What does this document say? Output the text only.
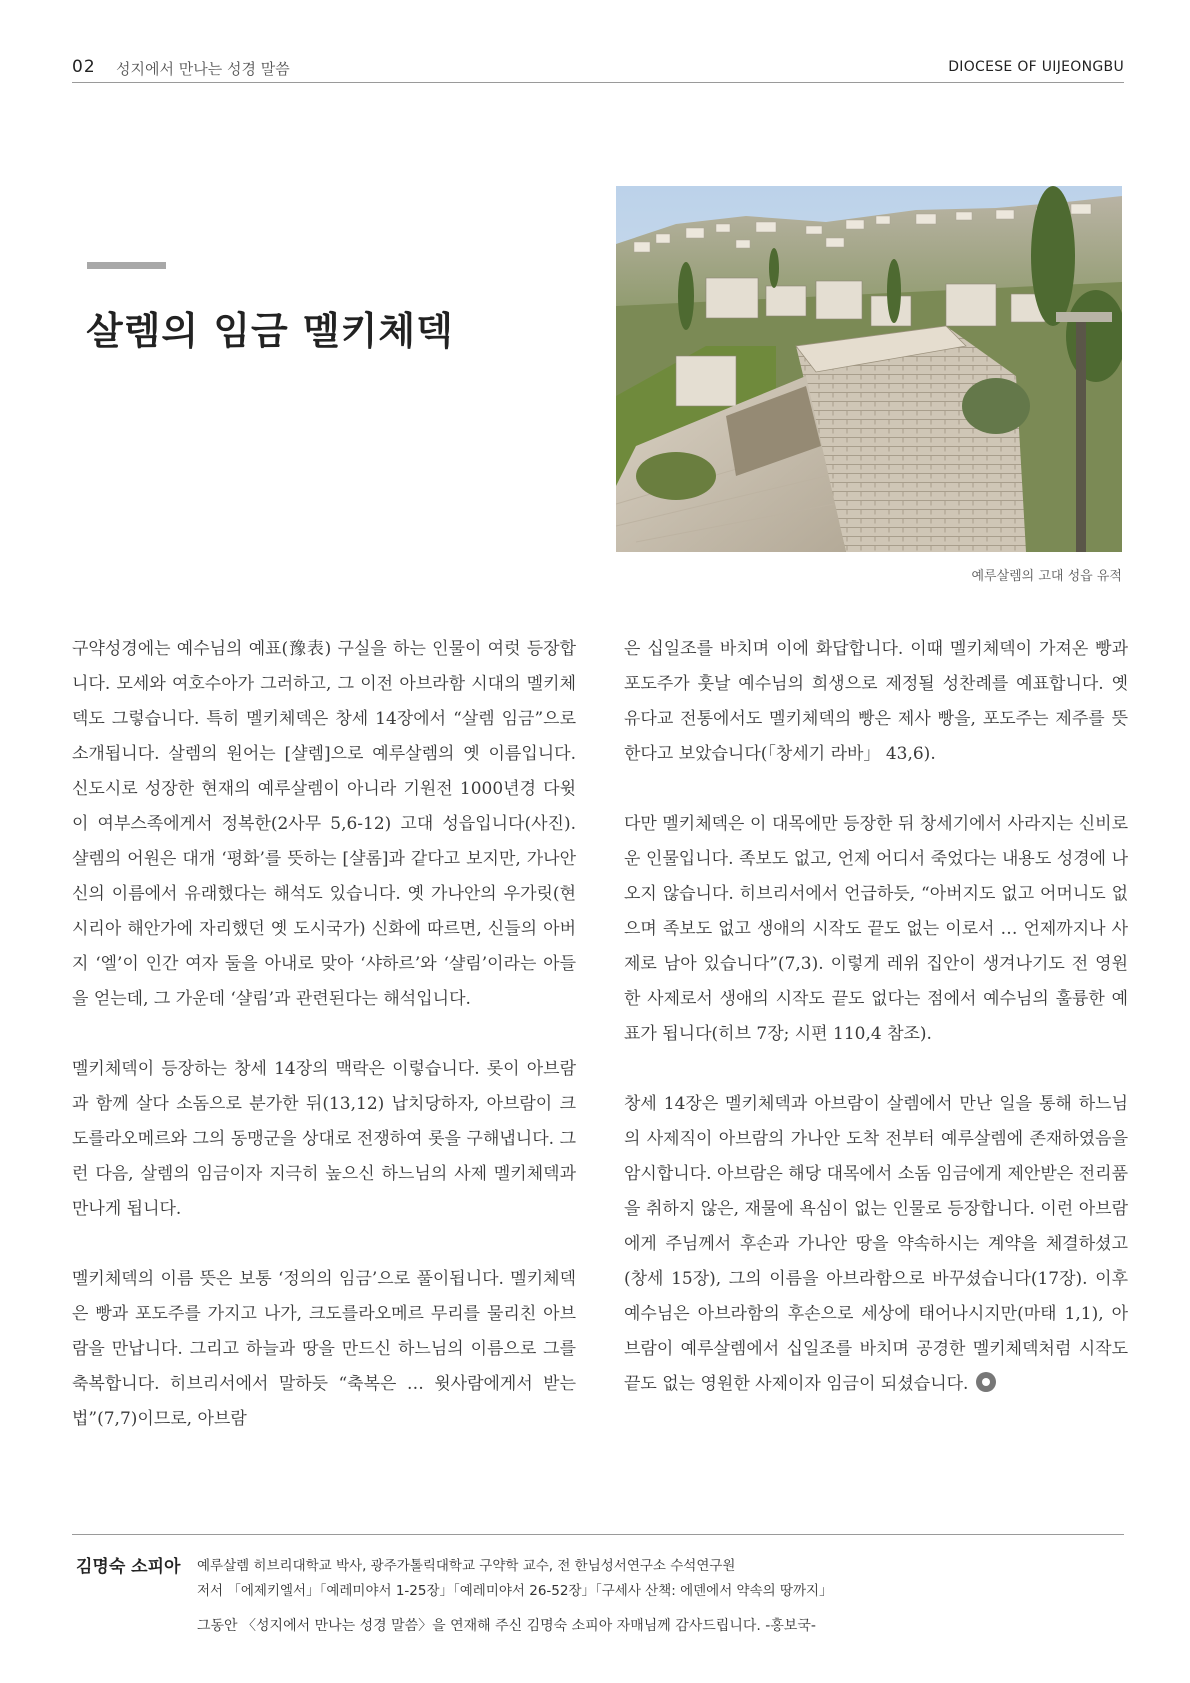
02 성지에서 만나는 성경 말씀	DIOCESE OF UIJEONGBU
살렘의 임금 멜키체덱
예루살렘의 고대 성읍 유적

구약성경에는 예수님의 예표(豫表) 구실을 하는 인물이 여럿 등장합니다. 모세와 여호수아가 그러하고, 그 이전 아브라함 시대의 멜키체덱도 그렇습니다. 특히 멜키체덱은 창세 14장에서 “살렘 임금”으로 소개됩니다. 살렘의 원어는 [샬렘]으로 예루살렘의 옛 이름입니다. 신도시로 성장한 현재의 예루살렘이 아니라 기원전 1000년경 다윗이 여부스족에게서 정복한(2사무 5,6-12) 고대 성읍입니다(사진). 샬렘의 어원은 대개 ‘평화’를 뜻하는 [샬롬]과 같다고 보지만, 가나안 신의 이름에서 유래했다는 해석도 있습니다. 옛 가나안의 우가릿(현 시리아 해안가에 자리했던 옛 도시국가) 신화에 따르면, 신들의 아버지 ‘엘’이 인간 여자 둘을 아내로 맞아 ‘샤하르’와 ‘샬림’이라는 아들을 얻는데, 그 가운데 ‘샬림’과 관련된다는 해석입니다.

멜키체덱이 등장하는 창세 14장의 맥락은 이렇습니다. 롯이 아브람과 함께 살다 소돔으로 분가한 뒤(13,12) 납치당하자, 아브람이 크도를라오메르와 그의 동맹군을 상대로 전쟁하여 롯을 구해냅니다. 그런 다음, 살렘의 임금이자 지극히 높으신 하느님의 사제 멜키체덱과 만나게 됩니다.

멜키체덱의 이름 뜻은 보통 ‘정의의 임금’으로 풀이됩니다. 멜키체덱은 빵과 포도주를 가지고 나가, 크도를라오메르 무리를 물리친 아브람을 만납니다. 그리고 하늘과 땅을 만드신 하느님의 이름으로 그를 축복합니다. 히브리서에서 말하듯 “축복은 … 윗사람에게서 받는 법”(7,7)이므로, 아브람

은 십일조를 바치며 이에 화답합니다. 이때 멜키체덱이 가져온 빵과 포도주가 훗날 예수님의 희생으로 제정될 성찬례를 예표합니다. 옛 유다교 전통에서도 멜키체덱의 빵은 제사 빵을, 포도주는 제주를 뜻한다고 보았습니다(「창세기 라바」 43,6).

다만 멜키체덱은 이 대목에만 등장한 뒤 창세기에서 사라지는 신비로운 인물입니다. 족보도 없고, 언제 어디서 죽었다는 내용도 성경에 나오지 않습니다. 히브리서에서 언급하듯, “아버지도 없고 어머니도 없으며 족보도 없고 생애의 시작도 끝도 없는 이로서 … 언제까지나 사제로 남아 있습니다”(7,3). 이렇게 레위 집안이 생겨나기도 전 영원한 사제로서 생애의 시작도 끝도 없다는 점에서 예수님의 훌륭한 예표가 됩니다(히브 7장; 시편 110,4 참조).

창세 14장은 멜키체덱과 아브람이 살렘에서 만난 일을 통해 하느님의 사제직이 아브람의 가나안 도착 전부터 예루살렘에 존재하였음을 암시합니다. 아브람은 해당 대목에서 소돔 임금에게 제안받은 전리품을 취하지 않은, 재물에 욕심이 없는 인물로 등장합니다. 이런 아브람에게 주님께서 후손과 가나안 땅을 약속하시는 계약을 체결하셨고(창세 15장), 그의 이름을 아브라함으로 바꾸셨습니다(17장). 이후 예수님은 아브라함의 후손으로 세상에 태어나시지만(마태 1,1), 아브람이 예루살렘에서 십일조를 바치며 공경한 멜키체덱처럼 시작도 끝도 없는 영원한 사제이자 임금이 되셨습니다.

김명숙 소피아 예루살렘 히브리대학교 박사, 광주가톨릭대학교 구약학 교수, 전 한님성서연구소 수석연구원
저서 「에제키엘서」「예레미야서 1-25장」「예레미야서 26-52장」「구세사 산책: 에덴에서 약속의 땅까지」
그동안 〈성지에서 만나는 성경 말씀〉을 연재해 주신 김명숙 소피아 자매님께 감사드립니다. -홍보국-
